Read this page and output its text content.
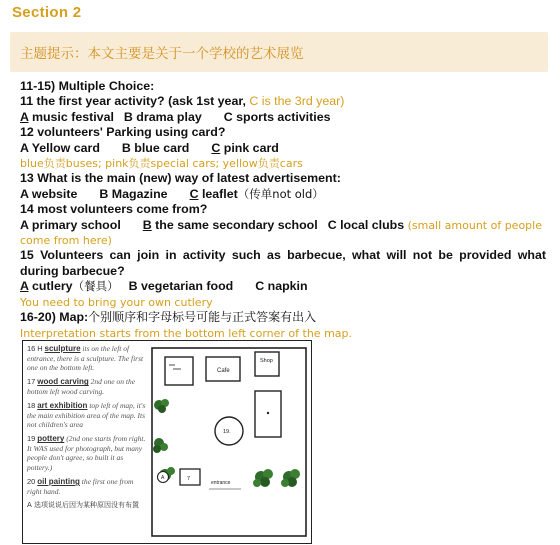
Section 2
主题提示：本文主要是关于一个学校的艺术展览
11-15) Multiple Choice:
11 the first year activity? (ask 1st year, C is the 3rd year)
A music festival B drama play C sports activities
12 volunteers' Parking using card?
A Yellow card B blue card C pink card
blue负责buses; pink负责special cars; yellow负责cars
13 What is the main (new) way of latest advertisement:
A website B Magazine C leaflet（传单not old）
14 most volunteers come from?
A primary school B the same secondary school C local clubs (small amount of people come from here)
15 Volunteers can join in activity such as barbecue, what will not be provided what during barbecue?
A cutlery（餐具） B vegetarian food C napkin
You need to bring your own cutlery
16-20) Map:个别顺序和字母标号可能与正式答案有出入
Interpretation starts from the bottom left corner of the map.
16 H sculpture its on the left of entrance, there is a sculpture. The first one on the bottom left.
17 wood carving 2nd one on the bottom left wood carving.
18 art exhibition top left of map, it's the main exhibition area of the map. Its not children's area
19 pottery (2nd one starts from right. It WAS used for photograph, but many people don't agree, so built it as pottery.)
20 oil painting the first one from right hand.
A 选项说说后因为某种原因没有布置
Cafe
Shop
19.
A	7
entrance
